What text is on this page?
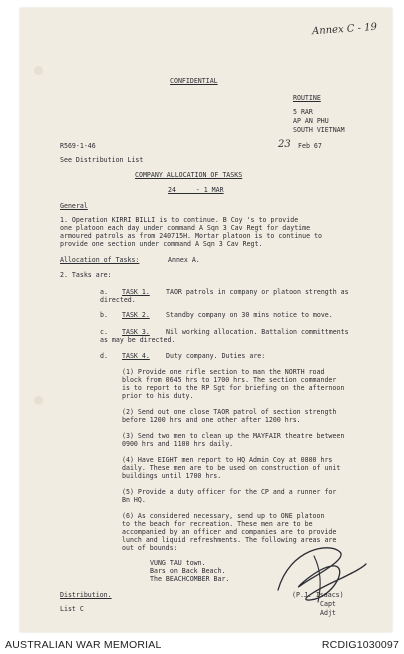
Annex C - 19
CONFIDENTIAL
ROUTINE
5 RAR
AP AN PHU
SOUTH VIETNAM
R569-1-46	23 Feb 67
See Distribution List
COMPANY ALLOCATION OF TASKS
24 ___ - 1 MAR
General
1. Operation KIRRI BILLI is to continue. B Coy 's to provide
one platoon each day under command A Sqn 3 Cav Regt for daytime
armoured patrols as from 240715H. Mortar platoon is to continue to
provide one section under command A Sqn 3 Cav Regt.
Allocation of Tasks:	Annex A.
2. Tasks are:
a. TASK 1. TAOR patrols in company or platoon strength as
directed.
b. TASK 2. Standby company on 30 mins notice to move.
c. TASK 3. Nil working allocation. Battalion committments
as may be directed.
d. TASK 4. Duty company. Duties are:
(1) Provide one rifle section to man the NORTH road
block from 0645 hrs to 1700 hrs. The section commander
is to report to the RP Sgt for briefing on the afternoon
prior to his duty.
(2) Send out one close TAOR patrol of section strength
before 1200 hrs and one other after 1200 hrs.
(3) Send two men to clean up the MAYFAIR theatre between
0900 hrs and 1100 hrs daily.
(4) Have EIGHT men report to HQ Admin Coy at 0800 hrs
daily. These men are to be used on construction of unit
buildings until 1700 hrs.
(5) Provide a duty officer for the CP and a runner for
Bn HQ.
(6) As considered necessary, send up to ONE platoon
to the beach for recreation. These men are to be
accompanied by an officer and companies are to provide
lunch and liquid refreshments. The following areas are
out of bounds:
VUNG TAU town.
Bars on Back Beach.
The BEACHCOMBER Bar.
(P.J. Isaacs)
Capt
Adjt
Distribution.
List C
AUSTRALIAN WAR MEMORIAL	RCDIG1030097
